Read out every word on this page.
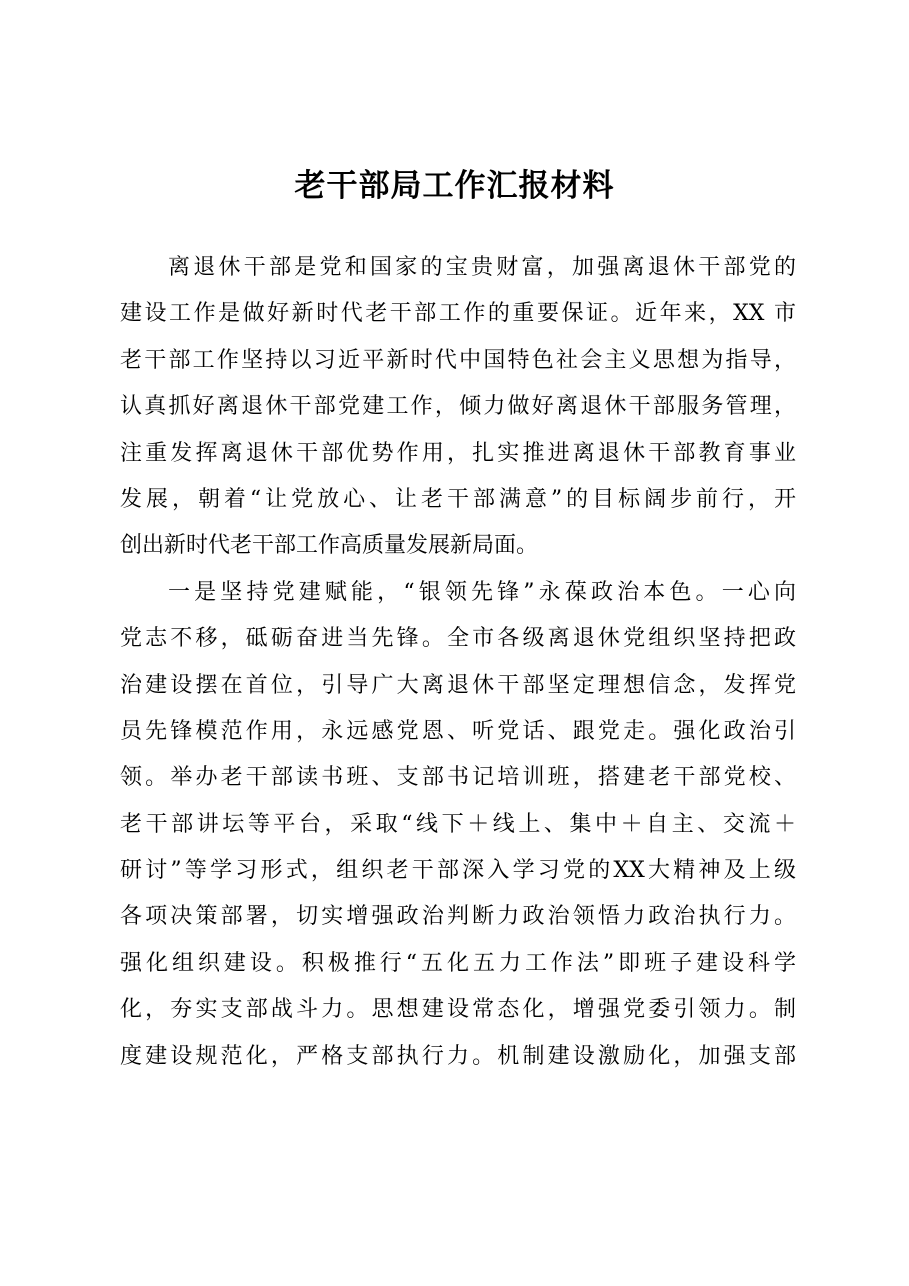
老干部局工作汇报材料

离退休干部是党和国家的宝贵财富，加强离退休干部党的

建设工作是做好新时代老干部工作的重要保证。近年来，XX 市

老干部工作坚持以习近平新时代中国特色社会主义思想为指导，

认真抓好离退休干部党建工作，倾力做好离退休干部服务管理，

注重发挥离退休干部优势作用，扎实推进离退休干部教育事业

发展，朝着“让党放心、让老干部满意”的目标阔步前行，开

创出新时代老干部工作高质量发展新局面。

一是坚持党建赋能，“银领先锋”永葆政治本色。一心向

党志不移，砥砺奋进当先锋。全市各级离退休党组织坚持把政

治建设摆在首位，引导广大离退休干部坚定理想信念，发挥党

员先锋模范作用，永远感党恩、听党话、跟党走。强化政治引

领。举办老干部读书班、支部书记培训班，搭建老干部党校、

老干部讲坛等平台，采取“线下＋线上、集中＋自主、交流＋

研讨”等学习形式，组织老干部深入学习党的XX大精神及上级

各项决策部署，切实增强政治判断力政治领悟力政治执行力。

强化组织建设。积极推行“五化五力工作法”即班子建设科学

化，夯实支部战斗力。思想建设常态化，增强党委引领力。制

度建设规范化，严格支部执行力。机制建设激励化，加强支部
